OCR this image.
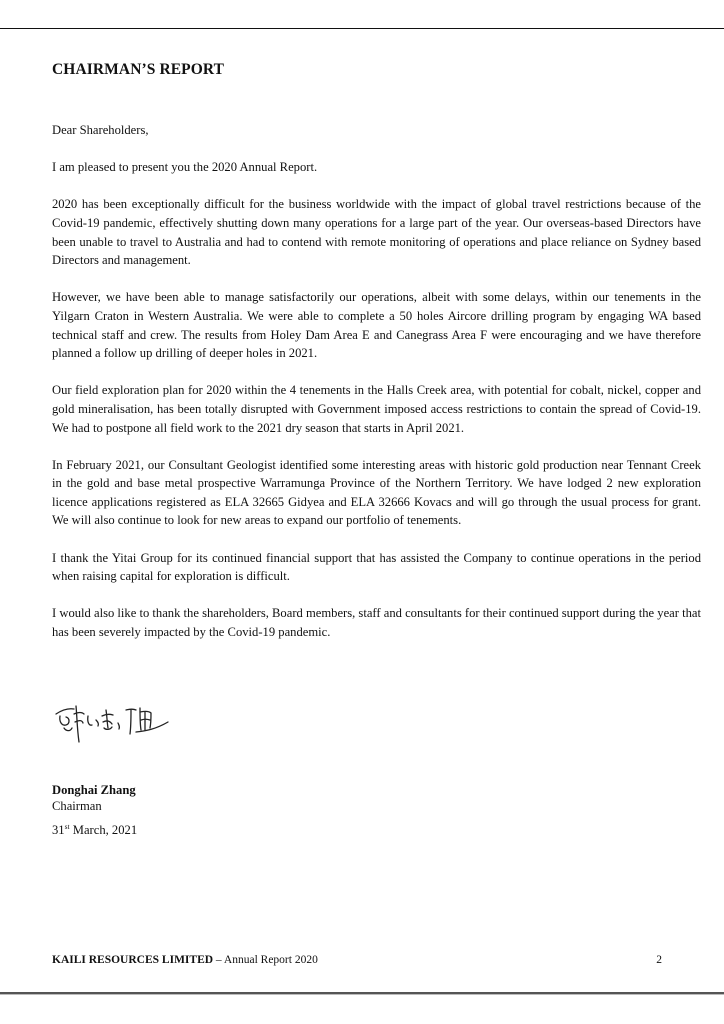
CHAIRMAN’S REPORT

Dear Shareholders,

I am pleased to present you the 2020 Annual Report.

2020 has been exceptionally difficult for the business worldwide with the impact of global travel restrictions because of the Covid-19 pandemic, effectively shutting down many operations for a large part of the year. Our overseas-based Directors have been unable to travel to Australia and had to contend with remote monitoring of operations and place reliance on Sydney based Directors and management.

However, we have been able to manage satisfactorily our operations, albeit with some delays, within our tenements in the Yilgarn Craton in Western Australia. We were able to complete a 50 holes Aircore drilling program by engaging WA based technical staff and crew. The results from Holey Dam Area E and Canegrass Area F were encouraging and we have therefore planned a follow up drilling of deeper holes in 2021.

Our field exploration plan for 2020 within the 4 tenements in the Halls Creek area, with potential for cobalt, nickel, copper and gold mineralisation, has been totally disrupted with Government imposed access restrictions to contain the spread of Covid-19. We had to postpone all field work to the 2021 dry season that starts in April 2021.

In February 2021, our Consultant Geologist identified some interesting areas with historic gold production near Tennant Creek in the gold and base metal prospective Warramunga Province of the Northern Territory. We have lodged 2 new exploration licence applications registered as ELA 32665 Gidyea and ELA 32666 Kovacs and will go through the usual process for grant. We will also continue to look for new areas to expand our portfolio of tenements.

I thank the Yitai Group for its continued financial support that has assisted the Company to continue operations in the period when raising capital for exploration is difficult.

I would also like to thank the shareholders, Board members, staff and consultants for their continued support during the year that has been severely impacted by the Covid-19 pandemic.

Donghai Zhang
Chairman
31st March, 2021
KAILI RESOURCES LIMITED – Annual Report 2020	2
